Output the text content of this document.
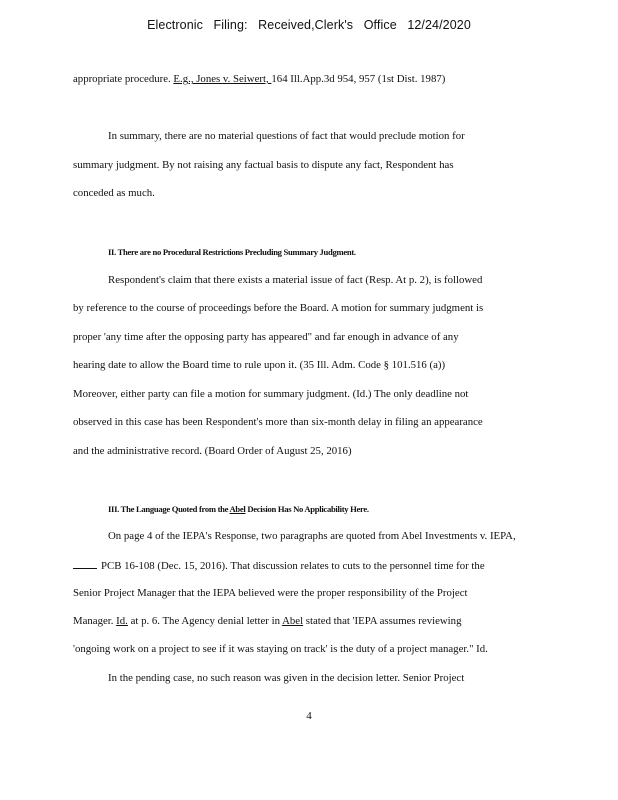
Electronic Filing: Received,Clerk's Office 12/24/2020
appropriate procedure. E.g., Jones v. Seiwert, 164 Ill.App.3d 954, 957 (1st Dist. 1987)
In summary, there are no material questions of fact that would preclude motion for
summary judgment. By not raising any factual basis to dispute any fact, Respondent has
conceded as much.
II. There are no Procedural Restrictions Precluding Summary Judgment.
Respondent's claim that there exists a material issue of fact (Resp. At p. 2), is followed
by reference to the course of proceedings before the Board. A motion for summary judgment is
proper 'any time after the opposing party has appeared" and far enough in advance of any
hearing date to allow the Board time to rule upon it. (35 Ill. Adm. Code § 101.516 (a))
Moreover, either party can file a motion for summary judgment. (Id.) The only deadline not
observed in this case has been Respondent's more than six-month delay in filing an appearance
and the administrative record. (Board Order of August 25, 2016)
III. The Language Quoted from the Abel Decision Has No Applicability Here.
On page 4 of the IEPA's Response, two paragraphs are quoted from Abel Investments v. IEPA,
PCB 16-108 (Dec. 15, 2016). That discussion relates to cuts to the personnel time for the
Senior Project Manager that the IEPA believed were the proper responsibility of the Project
Manager. Id. at p. 6. The Agency denial letter in Abel stated that 'IEPA assumes reviewing
'ongoing work on a project to see if it was staying on track' is the duty of a project manager." Id.
In the pending case, no such reason was given in the decision letter. Senior Project
4
